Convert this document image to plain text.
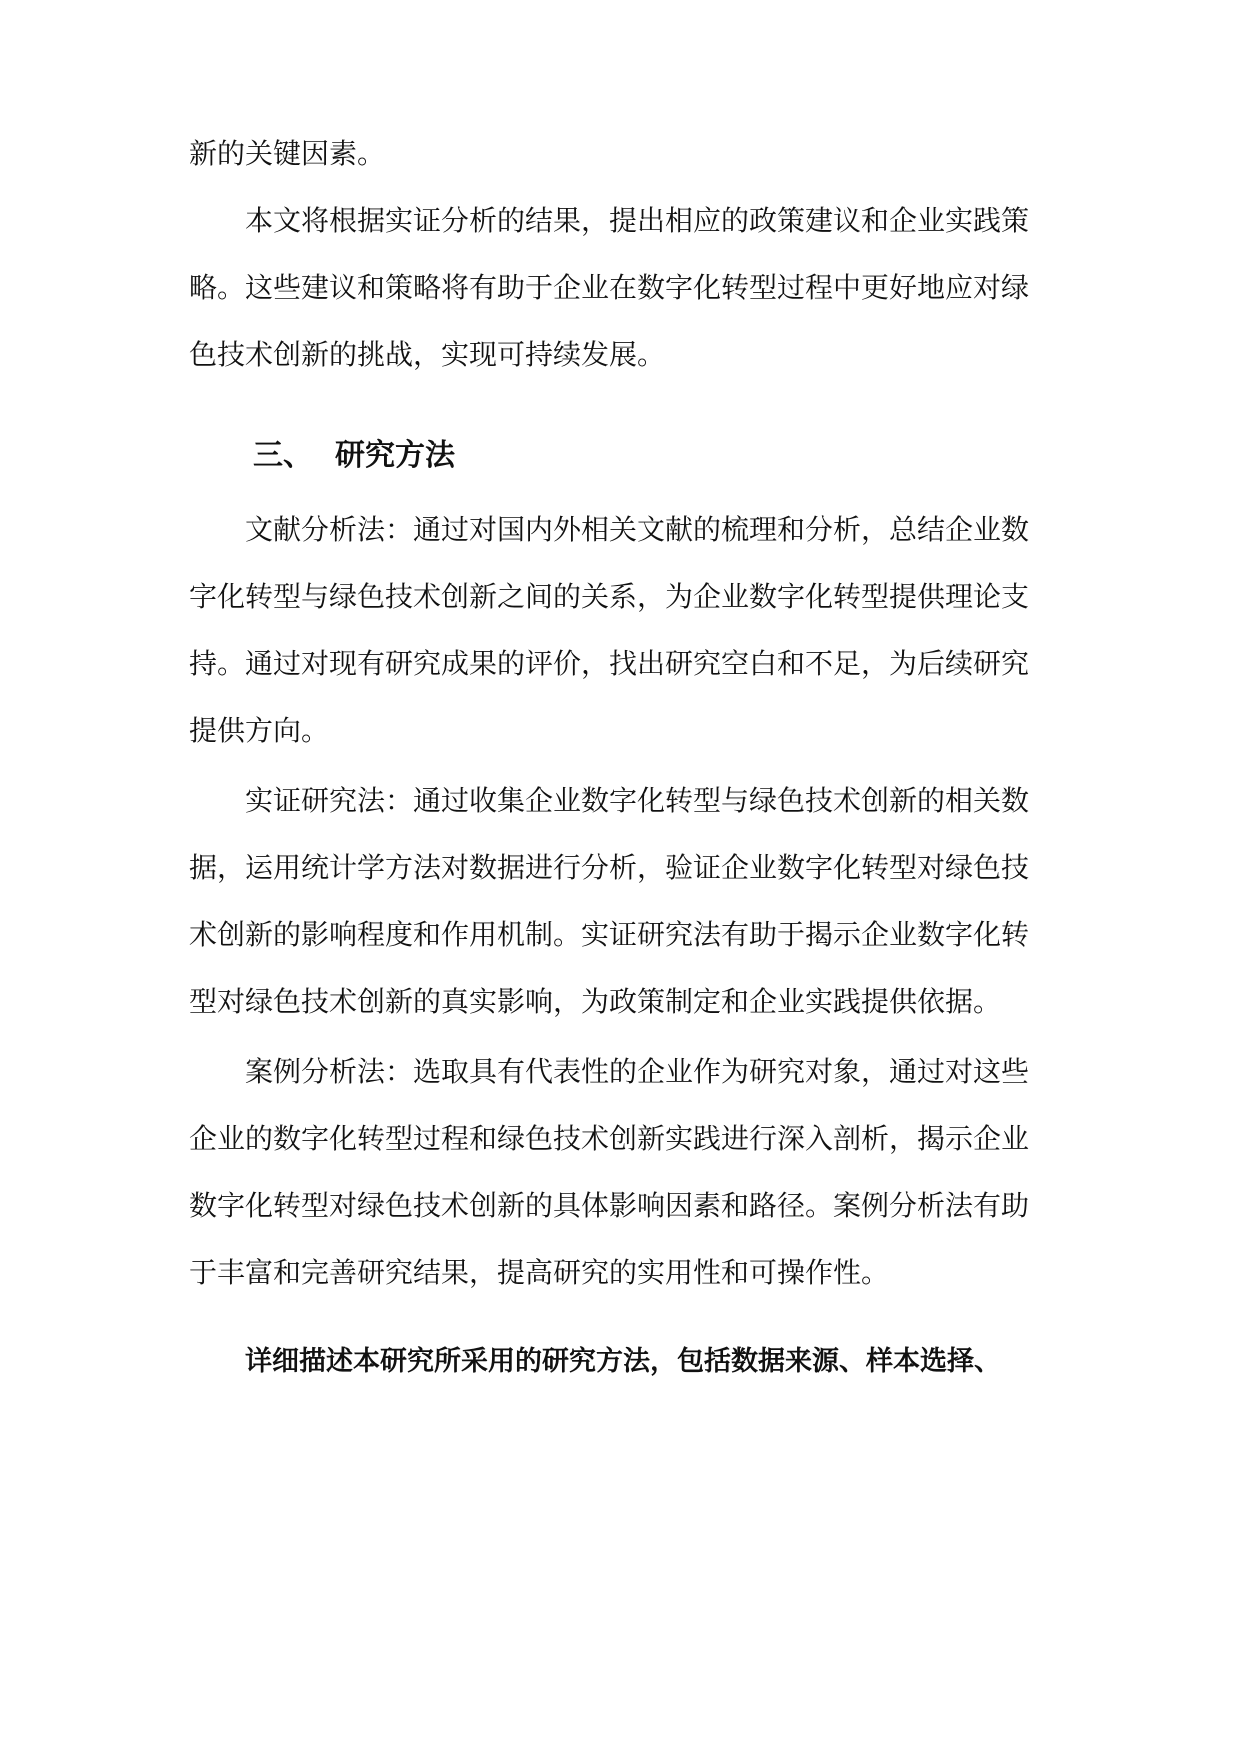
新的关键因素。
本文将根据实证分析的结果，提出相应的政策建议和企业实践策
略。这些建议和策略将有助于企业在数字化转型过程中更好地应对绿
色技术创新的挑战，实现可持续发展。
三、 研究方法
文献分析法：通过对国内外相关文献的梳理和分析，总结企业数
字化转型与绿色技术创新之间的关系，为企业数字化转型提供理论支
持。通过对现有研究成果的评价，找出研究空白和不足，为后续研究
提供方向。
实证研究法：通过收集企业数字化转型与绿色技术创新的相关数
据，运用统计学方法对数据进行分析，验证企业数字化转型对绿色技
术创新的影响程度和作用机制。实证研究法有助于揭示企业数字化转
型对绿色技术创新的真实影响，为政策制定和企业实践提供依据。
案例分析法：选取具有代表性的企业作为研究对象，通过对这些
企业的数字化转型过程和绿色技术创新实践进行深入剖析，揭示企业
数字化转型对绿色技术创新的具体影响因素和路径。案例分析法有助
于丰富和完善研究结果，提高研究的实用性和可操作性。
详细描述本研究所采用的研究方法，包括数据来源、样本选择、
